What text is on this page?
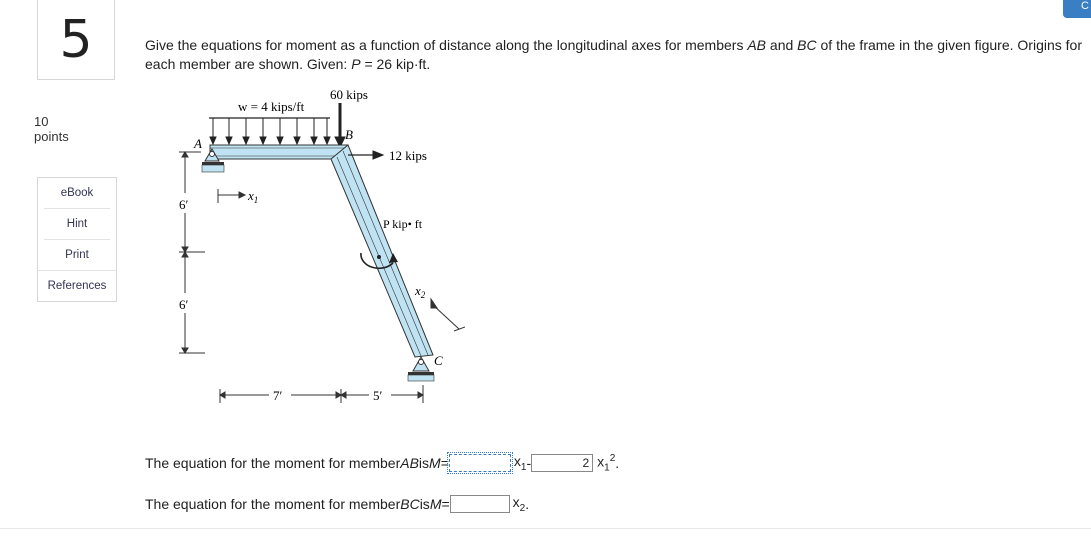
C
5
10
points
eBook
Hint
Print
References
Give the equations for moment as a function of distance along the longitudinal axes for members AB and BC of the frame in the given figure. Origins for each member are shown. Given: P = 26 kip·ft.
w = 4 kips/ft
60 kips
12 kips
A
B
C
$x_1$
P kip• ft
$x_2$
6′
6′
7′	5′
The equation for the moment for member AB is M =	$x_1$ -	2 $x_1^2$ .
The equation for the moment for member BC is M =	$x_2$ .
